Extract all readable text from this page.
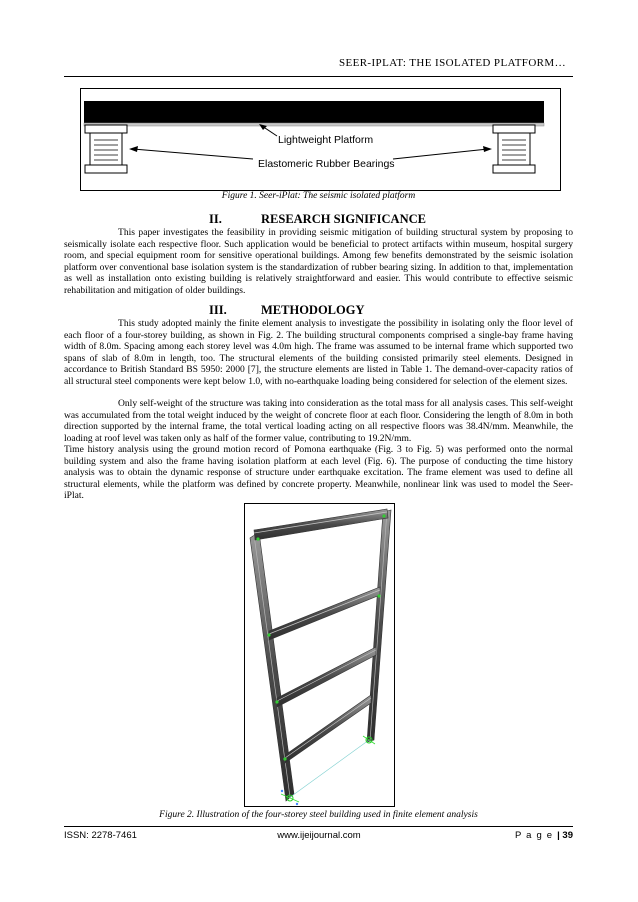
SEER-IPLAT: THE ISOLATED PLATFORM…
Lightweight Platform
Elastomeric Rubber Bearings
Figure 1. Seer-iPlat: The seismic isolated platform
II.	RESEARCH SIGNIFICANCE

This paper investigates the feasibility in providing seismic mitigation of building structural system by proposing to seismically isolate each respective floor. Such application would be beneficial to protect artifacts within museum, hospital surgery room, and special equipment room for sensitive operational buildings. Among few benefits demonstrated by the seismic isolation platform over conventional base isolation system is the standardization of rubber bearing sizing. In addition to that, implementation as well as installation onto existing building is relatively straightforward and easier. This would contribute to effective seismic rehabilitation and mitigation of older buildings.

III.	METHODOLOGY

This study adopted mainly the finite element analysis to investigate the possibility in isolating only the floor level of each floor of a four-storey building, as shown in Fig. 2. The building structural components comprised a single-bay frame having width of 8.0m. Spacing among each storey level was 4.0m high. The frame was assumed to be internal frame which supported two spans of slab of 8.0m in length, too. The structural elements of the building consisted primarily steel elements. Designed in accordance to British Standard BS 5950: 2000 [7], the structure elements are listed in Table 1. The demand-over-capacity ratios of all structural steel components were kept below 1.0, with no-earthquake loading being considered for selection of the element sizes.

Only self-weight of the structure was taking into consideration as the total mass for all analysis cases. This self-weight was accumulated from the total weight induced by the weight of concrete floor at each floor. Considering the length of 8.0m in both direction supported by the internal frame, the total vertical loading acting on all respective floors was 38.4N/mm. Meanwhile, the loading at roof level was taken only as half of the former value, contributing to 19.2N/mm.

Time history analysis using the ground motion record of Pomona earthquake (Fig. 3 to Fig. 5) was performed onto the normal building system and also the frame having isolation platform at each level (Fig. 6). The purpose of conducting the time history analysis was to obtain the dynamic response of structure under earthquake excitation. The frame element was used to define all structural elements, while the platform was defined by concrete property. Meanwhile, nonlinear link was used to model the Seer-iPlat.

Figure 2. Illustration of the four-storey steel building used in finite element analysis
ISSN: 2278-7461	www.ijeijournal.com	P a g e | 39
